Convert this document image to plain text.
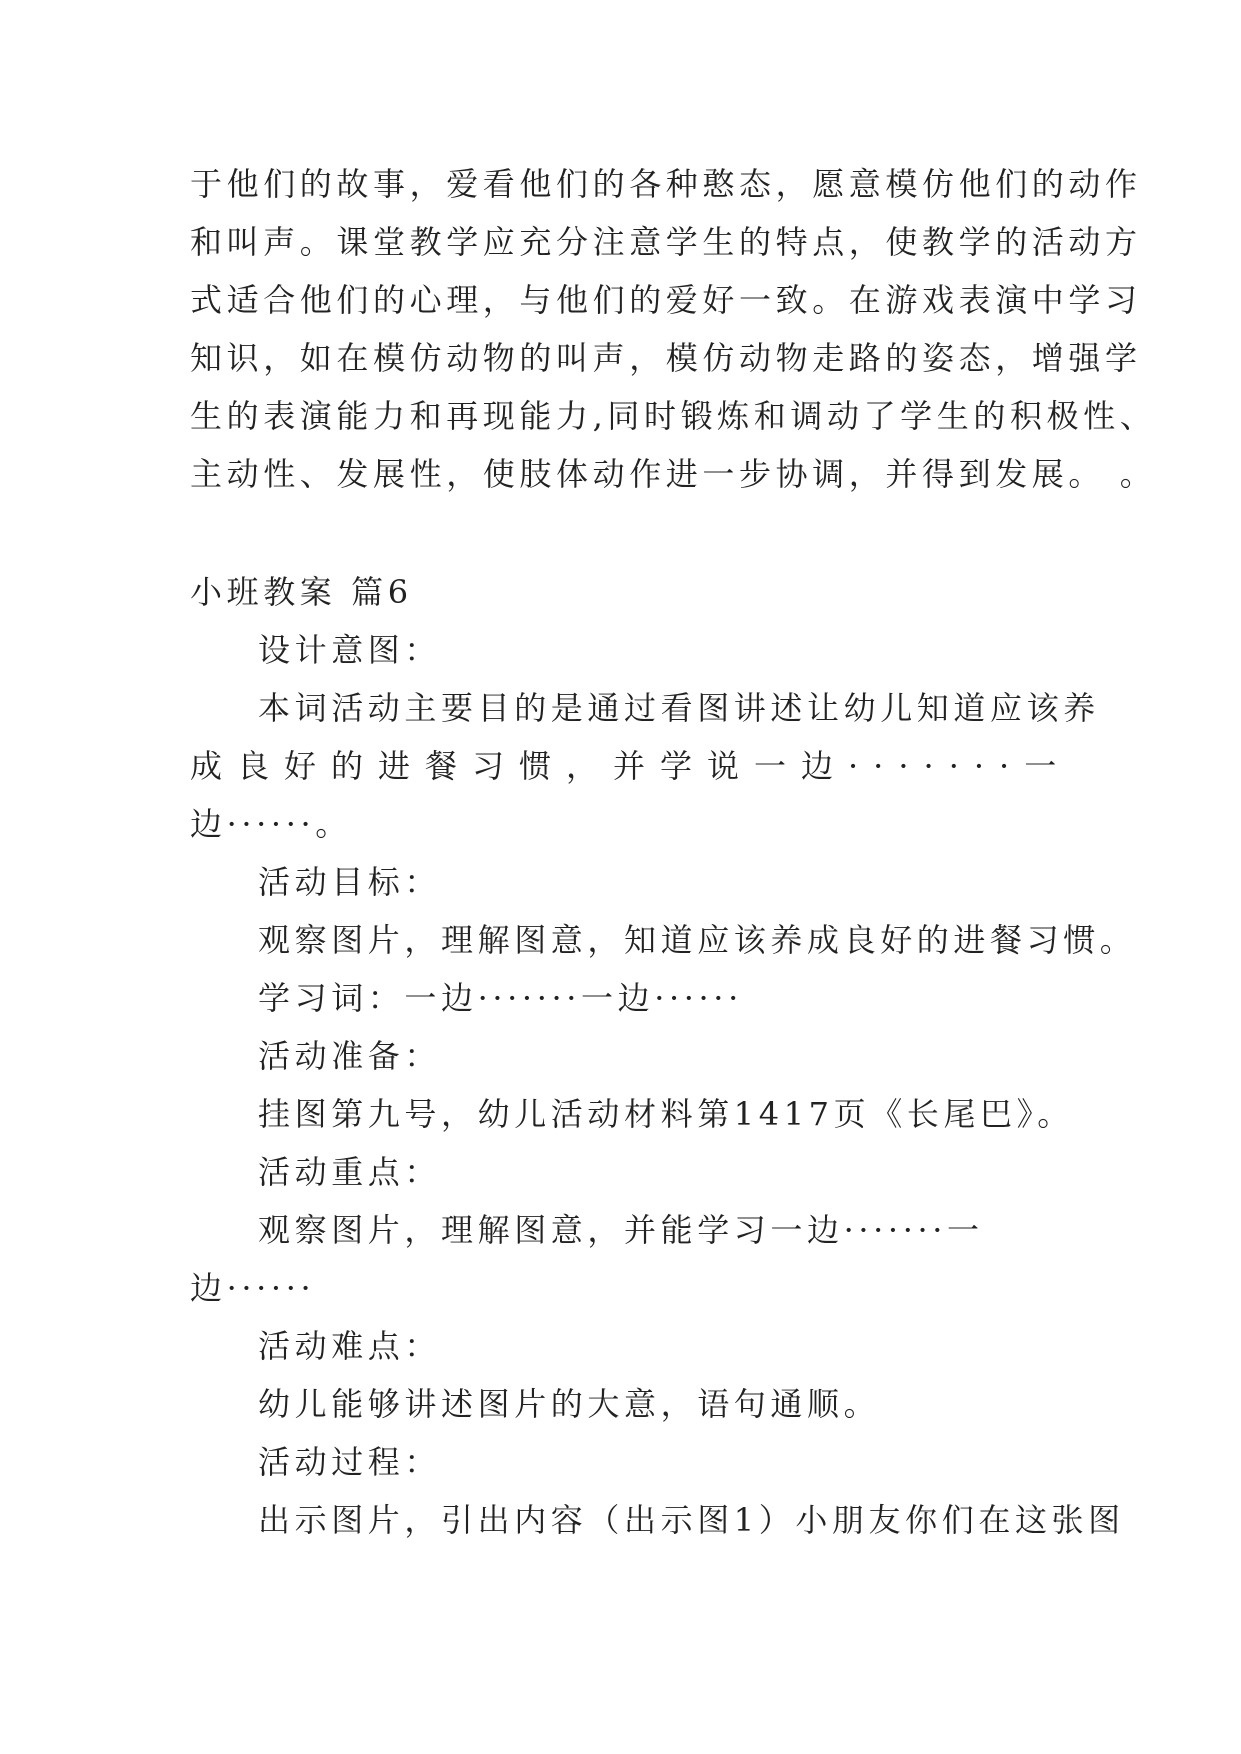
于他们的故事，爱看他们的各种憨态，愿意模仿他们的动作
和叫声。课堂教学应充分注意学生的特点，使教学的活动方
式适合他们的心理，与他们的爱好一致。在游戏表演中学习
知识，如在模仿动物的叫声，模仿动物走路的姿态，增强学
生的表演能力和再现能力,同时锻炼和调动了学生的积极性、
主动性、发展性，使肢体动作进一步协调，并得到发展。 。
小班教案 篇6
设计意图：
本词活动主要目的是通过看图讲述让幼儿知道应该养
成良好的进餐习惯，并学说一边·······一
边······。
活动目标：
观察图片，理解图意，知道应该养成良好的进餐习惯。
学习词：一边·······一边······
活动准备：
挂图第九号，幼儿活动材料第1417页《长尾巴》。
活动重点：
观察图片，理解图意，并能学习一边·······一
边······
活动难点：
幼儿能够讲述图片的大意，语句通顺。
活动过程：
出示图片，引出内容（出示图1）小朋友你们在这张图
